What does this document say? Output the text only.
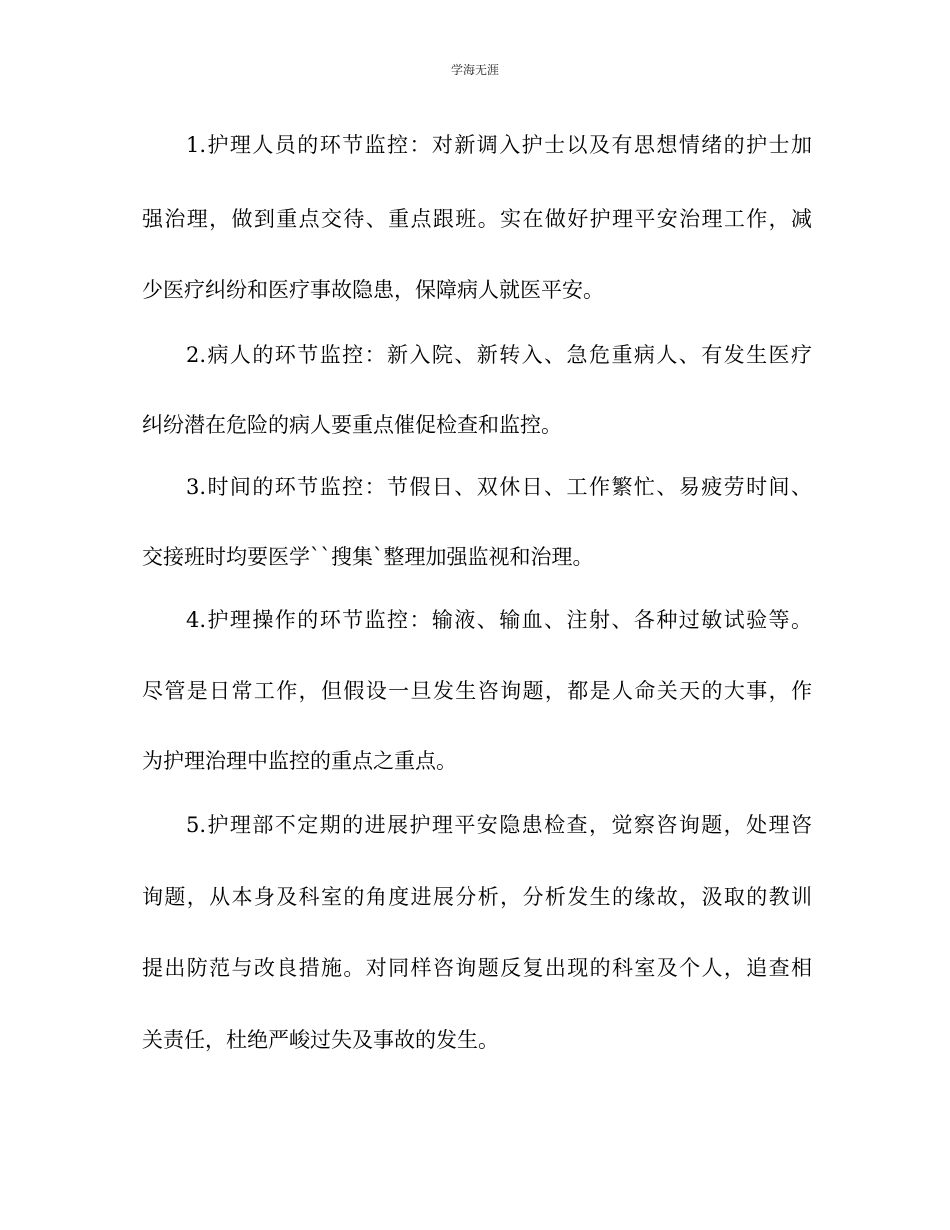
学海无涯
1.护理人员的环节监控：对新调入护士以及有思想情绪的护士加
强治理，做到重点交待、重点跟班。实在做好护理平安治理工作，减
少医疗纠纷和医疗事故隐患，保障病人就医平安。
2.病人的环节监控：新入院、新转入、急危重病人、有发生医疗
纠纷潜在危险的病人要重点催促检查和监控。
3.时间的环节监控：节假日、双休日、工作繁忙、易疲劳时间、
交接班时均要医学``搜集`整理加强监视和治理。
4.护理操作的环节监控：输液、输血、注射、各种过敏试验等。
尽管是日常工作，但假设一旦发生咨询题，都是人命关天的大事，作
为护理治理中监控的重点之重点。
5.护理部不定期的进展护理平安隐患检查，觉察咨询题，处理咨
询题，从本身及科室的角度进展分析，分析发生的缘故，汲取的教训
提出防范与改良措施。对同样咨询题反复出现的科室及个人，追查相
关责任，杜绝严峻过失及事故的发生。
